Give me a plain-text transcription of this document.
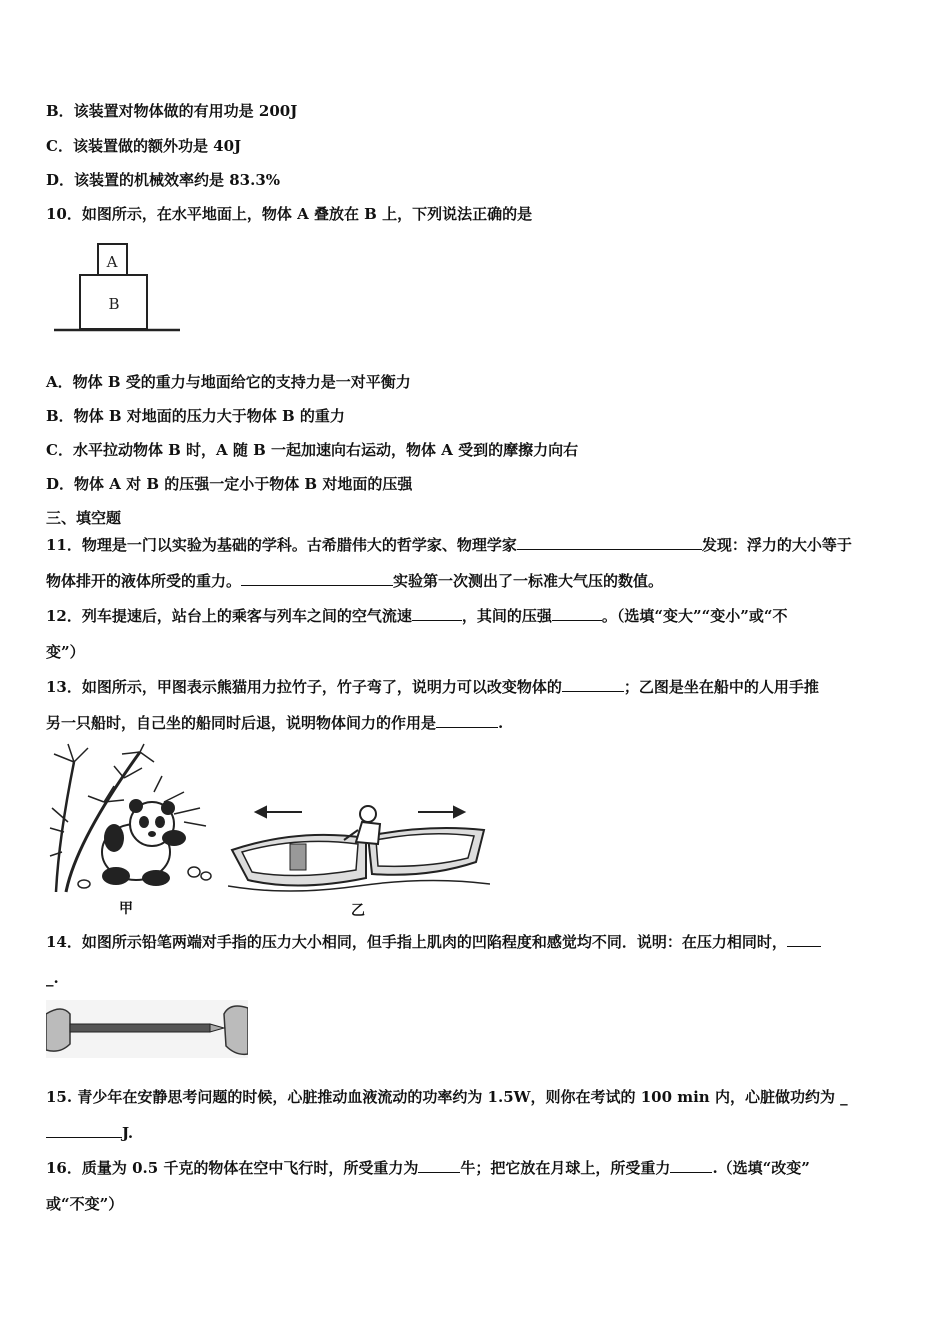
B．该装置对物体做的有用功是 200J
C．该装置做的额外功是 40J
D．该装置的机械效率约是 83.3%
10．如图所示，在水平地面上，物体 A 叠放在 B 上，下列说法正确的是
A
B
A．物体 B 受的重力与地面给它的支持力是一对平衡力
B．物体 B 对地面的压力大于物体 B 的重力
C．水平拉动物体 B 时，A 随 B 一起加速向右运动，物体 A 受到的摩擦力向右
D．物体 A 对 B 的压强一定小于物体 B 对地面的压强
三、填空题
11．物理是一门以实验为基础的学科。古希腊伟大的哲学家、物理学家	发现：浮力的大小等于
物体排开的液体所受的重力。	实验第一次测出了一标准大气压的数值。
12．列车提速后，站台上的乘客与列车之间的空气流速	，其间的压强	。（选填“变大”“变小”或“不
变”）
13．如图所示，甲图表示熊猫用力拉竹子，竹子弯了，说明力可以改变物体的	；乙图是坐在船中的人用手推
另一只船时，自己坐的船同时后退，说明物体间力的作用是	.
甲	乙
14．如图所示铅笔两端对手指的压力大小相同，但手指上肌肉的凹陷程度和感觉均不同．说明：在压力相同时，
_.
15. 青少年在安静思考问题的时候，心脏推动血液流动的功率约为 1.5W，则你在考试的 100 min 内，心脏做功约为 _
J.
16．质量为 0.5 千克的物体在空中飞行时，所受重力为	牛；把它放在月球上，所受重力	.（选填“改变”
或“不变”）
